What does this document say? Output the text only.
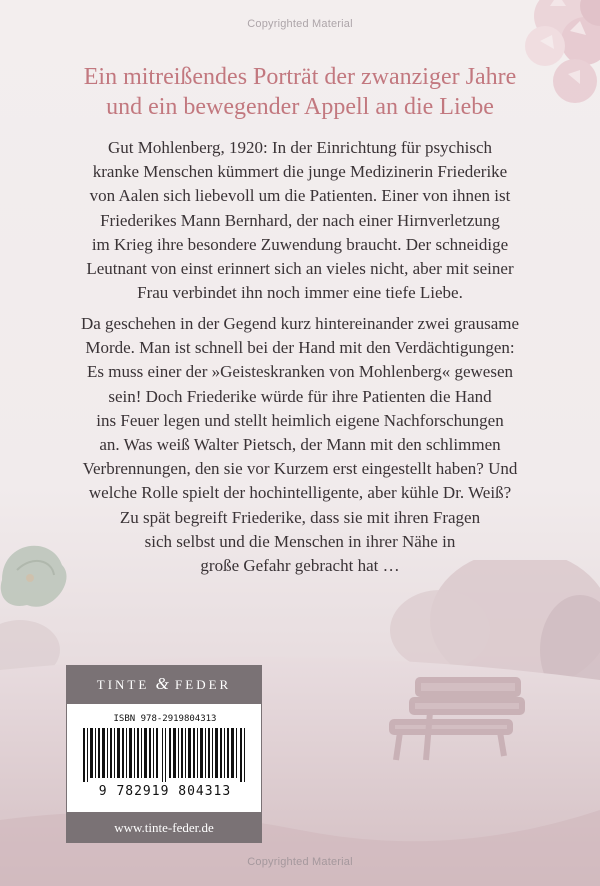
Copyrighted Material
Ein mitreißendes Porträt der zwanziger Jahre
und ein bewegender Appell an die Liebe
Gut Mohlenberg, 1920: In der Einrichtung für psychisch
kranke Menschen kümmert die junge Medizinerin Friederike
von Aalen sich liebevoll um die Patienten. Einer von ihnen ist
Friederikes Mann Bernhard, der nach einer Hirnverletzung
im Krieg ihre besondere Zuwendung braucht. Der schneidige
Leutnant von einst erinnert sich an vieles nicht, aber mit seiner
Frau verbindet ihn noch immer eine tiefe Liebe.
Da geschehen in der Gegend kurz hintereinander zwei grausame
Morde. Man ist schnell bei der Hand mit den Verdächtigungen:
Es muss einer der »Geisteskranken von Mohlenberg« gewesen
sein! Doch Friederike würde für ihre Patienten die Hand
ins Feuer legen und stellt heimlich eigene Nachforschungen
an. Was weiß Walter Pietsch, der Mann mit den schlimmen
Verbrennungen, den sie vor Kurzem erst eingestellt haben? Und
welche Rolle spielt der hochintelligente, aber kühle Dr. Weiß?
Zu spät begreift Friederike, dass sie mit ihren Fragen
sich selbst und die Menschen in ihrer Nähe in
große Gefahr gebracht hat …
TINTE & FEDER
ISBN 978-2919804313
9 782919 804313
www.tinte-feder.de
Copyrighted Material
